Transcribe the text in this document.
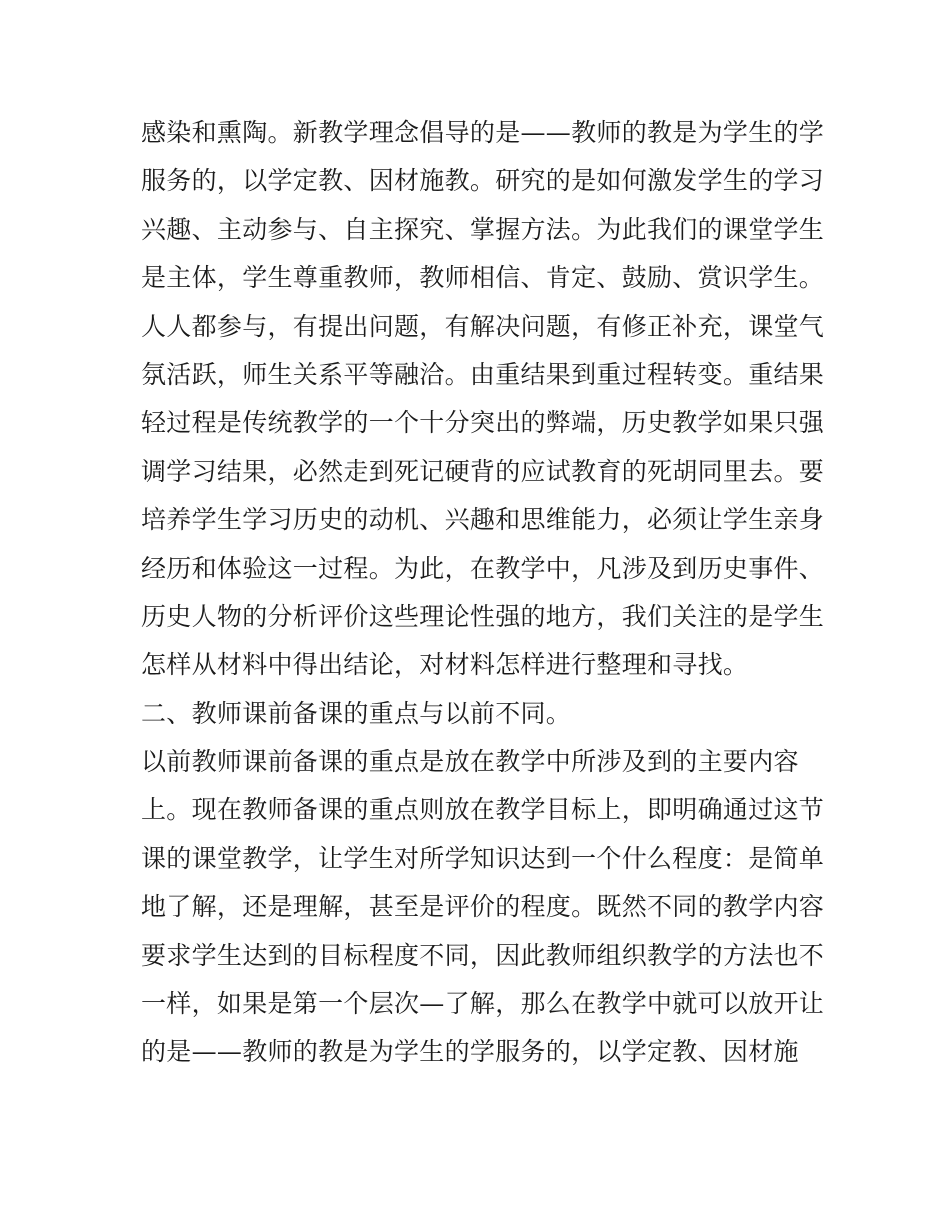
感染和熏陶。新教学理念倡导的是——教师的教是为学生的学
服务的，以学定教、因材施教。研究的是如何激发学生的学习
兴趣、主动参与、自主探究、掌握方法。为此我们的课堂学生
是主体，学生尊重教师，教师相信、肯定、鼓励、赏识学生。
人人都参与，有提出问题，有解决问题，有修正补充，课堂气
氛活跃，师生关系平等融洽。由重结果到重过程转变。重结果
轻过程是传统教学的一个十分突出的弊端，历史教学如果只强
调学习结果，必然走到死记硬背的应试教育的死胡同里去。要
培养学生学习历史的动机、兴趣和思维能力，必须让学生亲身
经历和体验这一过程。为此，在教学中，凡涉及到历史事件、
历史人物的分析评价这些理论性强的地方，我们关注的是学生
怎样从材料中得出结论，对材料怎样进行整理和寻找。
二、教师课前备课的重点与以前不同。
以前教师课前备课的重点是放在教学中所涉及到的主要内容
上。现在教师备课的重点则放在教学目标上，即明确通过这节
课的课堂教学，让学生对所学知识达到一个什么程度：是简单
地了解，还是理解，甚至是评价的程度。既然不同的教学内容
要求学生达到的目标程度不同，因此教师组织教学的方法也不
一样，如果是第一个层次—了解，那么在教学中就可以放开让
的是——教师的教是为学生的学服务的，以学定教、因材施
